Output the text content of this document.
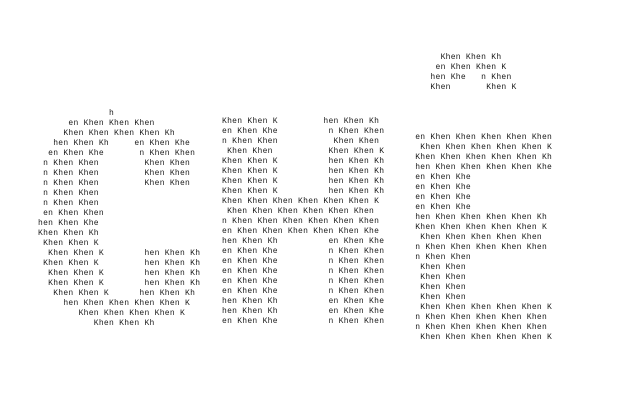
h
en Khen Khen Khen
Khen Khen Khen Khen Kh
hen Khen Kh     en Khen Khe
en Khen Khe       n Khen Khen
n Khen Khen         Khen Khen
n Khen Khen         Khen Khen
n Khen Khen         Khen Khen
n Khen Khen
n Khen Khen
en Khen Khen
hen Khen Khe
Khen Khen Kh
Khen Khen K
Khen Khen K        hen Khen Kh
Khen Khen K         hen Khen Kh
Khen Khen K        hen Khen Kh
Khen Khen K        hen Khen Kh
Khen Khen K      hen Khen Kh
hen Khen Khen Khen Khen K
Khen Khen Khen Khen K
Khen Khen Kh
Khen Khen K         hen Khen Kh
en Khen Khe          n Khen Khen
n Khen Khen           Khen Khen
Khen Khen           Khen Khen K
Khen Khen K          hen Khen Kh
Khen Khen K          hen Khen Kh
Khen Khen K          hen Khen Kh
Khen Khen K          hen Khen Kh
Khen Khen Khen Khen Khen Khen K
Khen Khen Khen Khen Khen Khen
n Khen Khen Khen Khen Khen Khen
en Khen Khen Khen Khen Khen Khe
hen Khen Kh          en Khen Khe
en Khen Khe          n Khen Khen
en Khen Khe          n Khen Khen
en Khen Khe          n Khen Khen
en Khen Khe          n Khen Khen
en Khen Khe          n Khen Khen
hen Khen Kh          en Khen Khe
hen Khen Kh          en Khen Khe
en Khen Khe          n Khen Khen
Khen Khen Kh
en Khen Khen K
hen Khe   n Khen
Khen       Khen K
en Khen Khen Khen Khen Khen
Khen Khen Khen Khen Khen K
Khen Khen Khen Khen Khen Kh
hen Khen Khen Khen Khen Khe
en Khen Khe
en Khen Khe
en Khen Khe
en Khen Khe
hen Khen Khen Khen Khen Kh
Khen Khen Khen Khen Khen K
Khen Khen Khen Khen Khen
n Khen Khen Khen Khen Khen
n Khen Khen
Khen Khen
Khen Khen
Khen Khen
Khen Khen
Khen Khen Khen Khen Khen K
n Khen Khen Khen Khen Khen
n Khen Khen Khen Khen Khen
Khen Khen Khen Khen Khen K
